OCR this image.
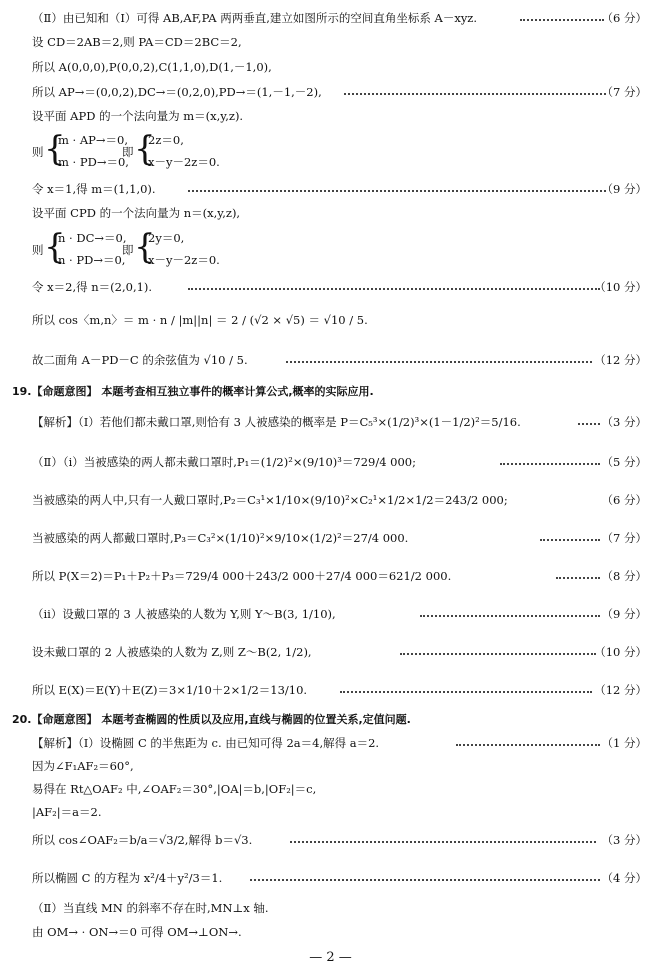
（Ⅱ）由已知和（Ⅰ）可得 AB,AF,PA 两两垂直,建立如图所示的空间直角坐标系 A－xyz.	（6 分）
设 CD＝2AB＝2,则 PA＝CD＝2BC＝2,
所以 A(0,0,0),P(0,0,2),C(1,1,0),D(1,－1,0),
所以 AP→＝(0,0,2),DC→＝(0,2,0),PD→＝(1,－1,－2),	（7 分）
设平面 APD 的一个法向量为 m＝(x,y,z).
则 {
m · AP→＝0,
m · PD→＝0,
即 {
2z＝0,
x－y－2z＝0.
令 x＝1,得 m＝(1,1,0).	（9 分）
设平面 CPD 的一个法向量为 n＝(x,y,z),
则 {
n · DC→＝0,
n · PD→＝0,
即 {
2y＝0,
x－y－2z＝0.
令 x＝2,得 n＝(2,0,1).	（10 分）
所以 cos〈m,n〉＝ m · n / |m||n| ＝ 2 / (√2 × √5) ＝ √10 / 5.
故二面角 A－PD－C 的余弦值为 √10 / 5.	（12 分）
19.【命题意图】 本题考查相互独立事件的概率计算公式,概率的实际应用.
【解析】（Ⅰ）若他们都未戴口罩,则恰有 3 人被感染的概率是 P＝C₅³×(1/2)³×(1－1/2)²＝5/16.	（3 分）
（Ⅱ）（ⅰ）当被感染的两人都未戴口罩时,P₁＝(1/2)²×(9/10)³＝729/4 000;	（5 分）
当被感染的两人中,只有一人戴口罩时,P₂＝C₃¹×1/10×(9/10)²×C₂¹×1/2×1/2＝243/2 000;	（6 分）
当被感染的两人都戴口罩时,P₃＝C₃²×(1/10)²×9/10×(1/2)²＝27/4 000.	（7 分）
所以 P(X＝2)＝P₁＋P₂＋P₃＝729/4 000＋243/2 000＋27/4 000＝621/2 000.	（8 分）
（ⅱ）设戴口罩的 3 人被感染的人数为 Y,则 Y～B(3, 1/10),	（9 分）
设未戴口罩的 2 人被感染的人数为 Z,则 Z～B(2, 1/2),	（10 分）
所以 E(X)＝E(Y)＋E(Z)＝3×1/10＋2×1/2＝13/10.	（12 分）
20.【命题意图】 本题考查椭圆的性质以及应用,直线与椭圆的位置关系,定值问题.
【解析】（Ⅰ）设椭圆 C 的半焦距为 c. 由已知可得 2a＝4,解得 a＝2.	（1 分）
因为∠F₁AF₂＝60°,
易得在 Rt△OAF₂ 中,∠OAF₂＝30°,|OA|＝b,|OF₂|＝c,
|AF₂|＝a＝2.
所以 cos∠OAF₂＝b/a＝√3/2,解得 b＝√3.	（3 分）
所以椭圆 C 的方程为 x²/4＋y²/3＝1.	（4 分）
（Ⅱ）当直线 MN 的斜率不存在时,MN⊥x 轴.
由 OM→ · ON→＝0 可得 OM→⊥ON→.
— 2 —
